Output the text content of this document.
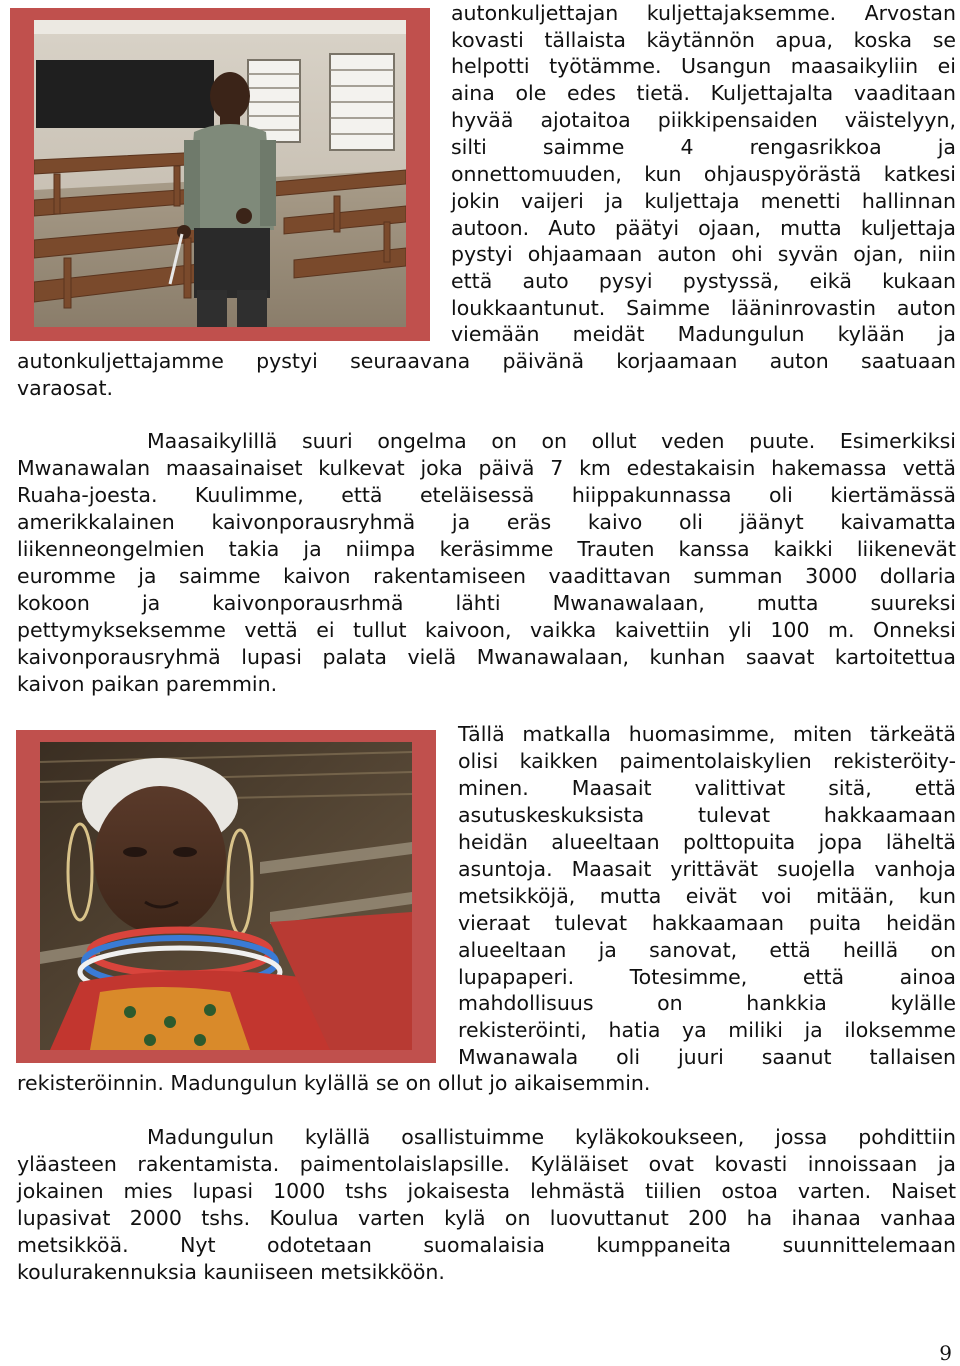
autonkuljettajan kuljettajaksemme. Arvostan
kovasti tällaista käytännön apua, koska se
helpotti työtämme. Usangun maasaikyliin ei
aina ole edes tietä. Kuljettajalta vaaditaan
hyvää ajotaitoa piikkipensaiden väistelyyn,
silti saimme 4 rengasrikkoa ja
onnettomuuden, kun ohjauspyörästä katkesi
jokin vaijeri ja kuljettaja menetti hallinnan
autoon. Auto päätyi ojaan, mutta kuljettaja
pystyi ohjaamaan auton ohi syvän ojan, niin
että auto pysyi pystyssä, eikä kukaan
loukkaantunut. Saimme lääninrovastin auton
viemään meidät Madungulun kylään ja
autonkuljettajamme pystyi seuraavana päivänä korjaamaan auton saatuaan
varaosat.
Maasaikylillä suuri ongelma on on ollut veden puute. Esimerkiksi
Mwanawalan maasainaiset kulkevat joka päivä 7 km edestakaisin hakemassa vettä
Ruaha-joesta. Kuulimme, että eteläisessä hiippakunnassa oli kiertämässä
amerikkalainen kaivonporausryhmä ja eräs kaivo oli jäänyt kaivamatta
liikenneongelmien takia ja niimpa keräsimme Trauten kanssa kaikki liikenevät
euromme ja saimme kaivon rakentamiseen vaadittavan summan 3000 dollaria
kokoon ja kaivonporausrhmä lähti Mwanawalaan, mutta suureksi
pettymykseksemme vettä ei tullut kaivoon, vaikka kaivettiin yli 100 m. Onneksi
kaivonporausryhmä lupasi palata vielä Mwanawalaan, kunhan saavat kartoitettua
kaivon paikan paremmin.
Tällä matkalla huomasimme, miten tärkeätä
olisi kaikken paimentolaiskylien rekisteröity-
minen. Maasait valittivat sitä, että
asutuskeskuksista tulevat hakkaamaan
heidän alueeltaan polttopuita jopa läheltä
asuntoja. Maasait yrittävät suojella vanhoja
metsikköjä, mutta eivät voi mitään, kun
vieraat tulevat hakkaamaan puita heidän
alueeltaan ja sanovat, että heillä on
lupapaperi. Totesimme, että ainoa
mahdollisuus on hankkia kylälle
rekisteröinti, hatia ya miliki ja iloksemme
Mwanawala oli juuri saanut tallaisen
rekisteröinnin. Madungulun kylällä se on ollut jo aikaisemmin.
Madungulun kylällä osallistuimme kyläkokoukseen, jossa pohdittiin
yläasteen rakentamista. paimentolaislapsille. Kyläläiset ovat kovasti innoissaan ja
jokainen mies lupasi 1000 tshs jokaisesta lehmästä tiilien ostoa varten. Naiset
lupasivat 2000 tshs. Koulua varten kylä on luovuttanut 200 ha ihanaa vanhaa
metsikköä. Nyt odotetaan suomalaisia kumppaneita suunnittelemaan
koulurakennuksia kauniiseen metsikköön.
9
